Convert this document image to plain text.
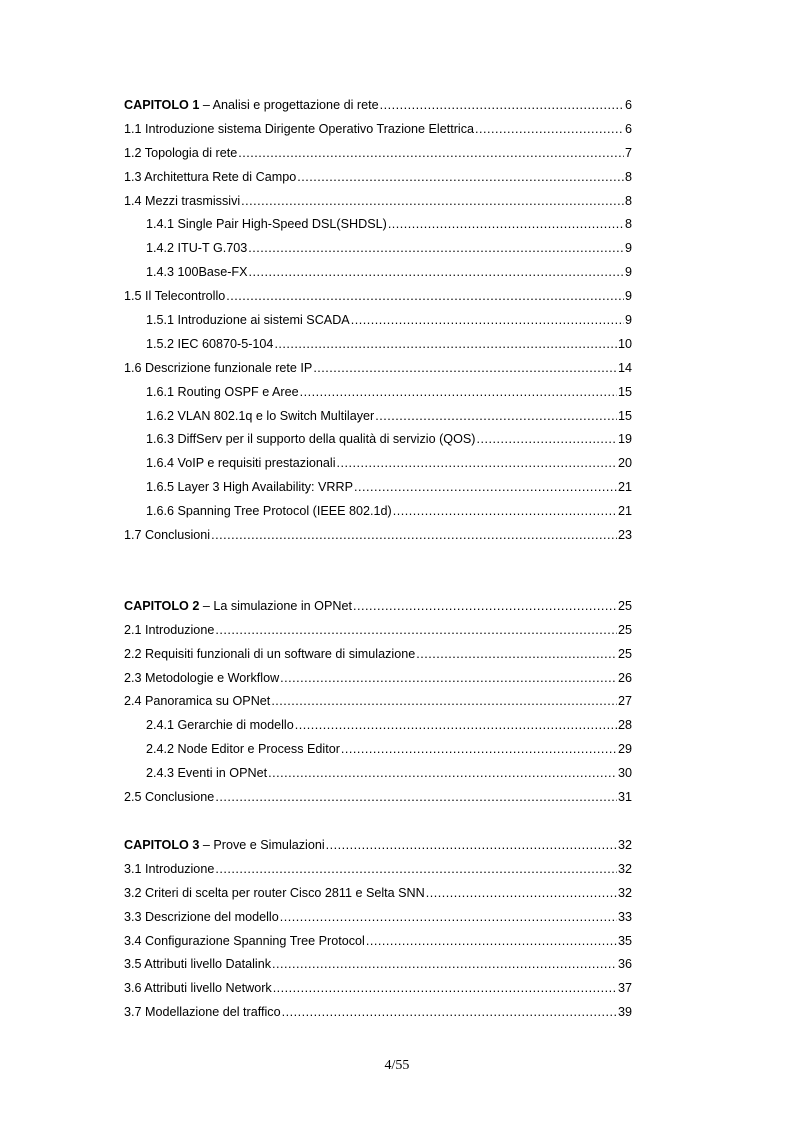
CAPITOLO 1 – Analisi e progettazione di rete .....	6
1.1 Introduzione sistema Dirigente Operativo Trazione Elettrica .....	6
1.2 Topologia di rete .....	7
1.3 Architettura Rete di Campo .....	8
1.4 Mezzi trasmissivi .....	8
1.4.1 Single Pair High-Speed DSL(SHDSL) .....	8
1.4.2 ITU-T G.703 .....	9
1.4.3 100Base-FX .....	9
1.5 Il Telecontrollo .....	9
1.5.1 Introduzione ai sistemi SCADA .....	9
1.5.2 IEC 60870-5-104 .....	10
1.6 Descrizione funzionale rete IP .....	14
1.6.1 Routing OSPF e Aree .....	15
1.6.2 VLAN 802.1q e lo Switch Multilayer .....	15
1.6.3 DiffServ per il supporto della qualità di servizio (QOS) .....	19
1.6.4 VoIP e requisiti prestazionali .....	20
1.6.5 Layer 3 High Availability: VRRP .....	21
1.6.6 Spanning Tree Protocol (IEEE 802.1d) .....	21
1.7 Conclusioni .....	23
CAPITOLO 2 – La simulazione in OPNet .....	25
2.1 Introduzione .....	25
2.2 Requisiti funzionali di un software di simulazione .....	25
2.3 Metodologie e Workflow .....	26
2.4 Panoramica su OPNet .....	27
2.4.1 Gerarchie di modello .....	28
2.4.2 Node Editor e Process Editor .....	29
2.4.3 Eventi in OPNet .....	30
2.5 Conclusione .....	31
CAPITOLO 3 – Prove e Simulazioni .....	32
3.1 Introduzione .....	32
3.2 Criteri di scelta per router Cisco 2811 e Selta SNN .....	32
3.3 Descrizione del modello .....	33
3.4 Configurazione Spanning Tree Protocol .....	35
3.5 Attributi livello Datalink .....	36
3.6 Attributi livello Network .....	37
3.7 Modellazione del traffico .....	39
4/55
